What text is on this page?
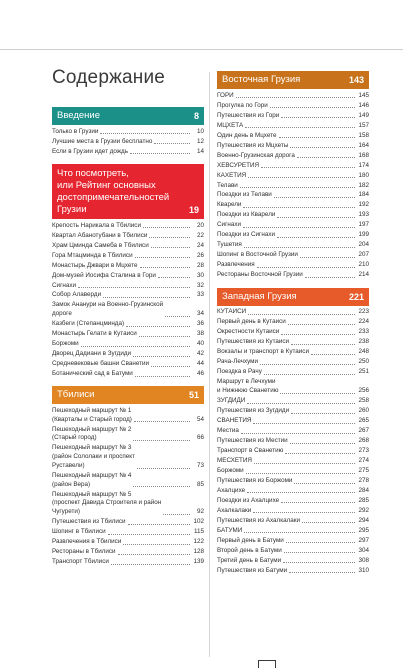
Содержание
Введение	8
Только в Грузии	10
Лучшие места в Грузии бесплатно	12
Если в Грузии идет дождь	14
Что посмотреть,
или Рейтинг основных
достопримечательностей
Грузии	19
Крепость Нарикала в Тбилиси	20
Квартал Абанотубани в Тбилиси	22
Храм Цминда Самеба в Тбилиси	24
Гора Мтацминда в Тбилиси	26
Монастырь Джвари в Мцхете	28
Дом-музей Иосифа Сталина в Гори	30
Сигнахи	32
Собор Алаверди	33
Замок Ананури на Военно-Грузинской
дороге	34
Казбеги (Степанцминда)	36
Монастырь Гелати в Кутаиси	38
Боржоми	40
Дворец Дадиани в Зугдиди	42
Средневековые башни Сванетии	44
Ботанический сад в Батуми	46
Тбилиси	51
Пешеходный маршрут № 1
(Кварталы и Старый город)	54
Пешеходный маршрут № 2
(Старый город)	66
Пешеходный маршрут № 3
(район Сололаки и проспект
Руставели)	73
Пешеходный маршрут № 4
(район Вера)	85
Пешеходный маршрут № 5
(проспект Давида Строителя и район
Чугурети)	92
Путешествия из Тбилиси	102
Шопинг в Тбилиси	115
Развлечения в Тбилиси	122
Рестораны в Тбилиси	128
Транспорт Тбилиси	139
Восточная Грузия	143
ГОРИ	145
Прогулка по Гори	146
Путешествия из Гори	149
МЦХЕТА	157
Один день в Мцхете	158
Путешествия из Мцхеты	164
Военно-Грузинская дорога	168
ХЕВСУРЕТИЯ	174
КАХЕТИЯ	180
Телави	182
Поездки из Телави	184
Кварели	192
Поездки из Кварели	193
Сигнахи	197
Поездки из Сигнахи	199
Тушетия	204
Шопинг в Восточной Грузии	207
Развлечения	210
Рестораны Восточной Грузии	214
Западная Грузия	221
КУТАИСИ	223
Первый день в Кутаиси	224
Окрестности Кутаиси	233
Путешествия из Кутаиси	238
Вокзалы и транспорт в Кутаиси	248
Рача-Лечхуми	250
Поездка в Рачу	251
Маршрут в Лечхуми
и Нижнюю Сванетию	256
ЗУГДИДИ	258
Путешествия из Зугдиди	260
СВАНЕТИЯ	265
Местиа	267
Путешествия из Местии	268
Транспорт в Сванетию	273
МЕСХЕТИЯ	274
Боржоми	275
Путешествия из Боржоми	278
Ахалцихе	284
Поездки из Ахалцихе	285
Ахалкалаки	292
Путешествия из Ахалкалаки	294
БАТУМИ	295
Первый день в Батуми	297
Второй день в Батуми	304
Третий день в Батуми	308
Путешествия из Батуми	310
